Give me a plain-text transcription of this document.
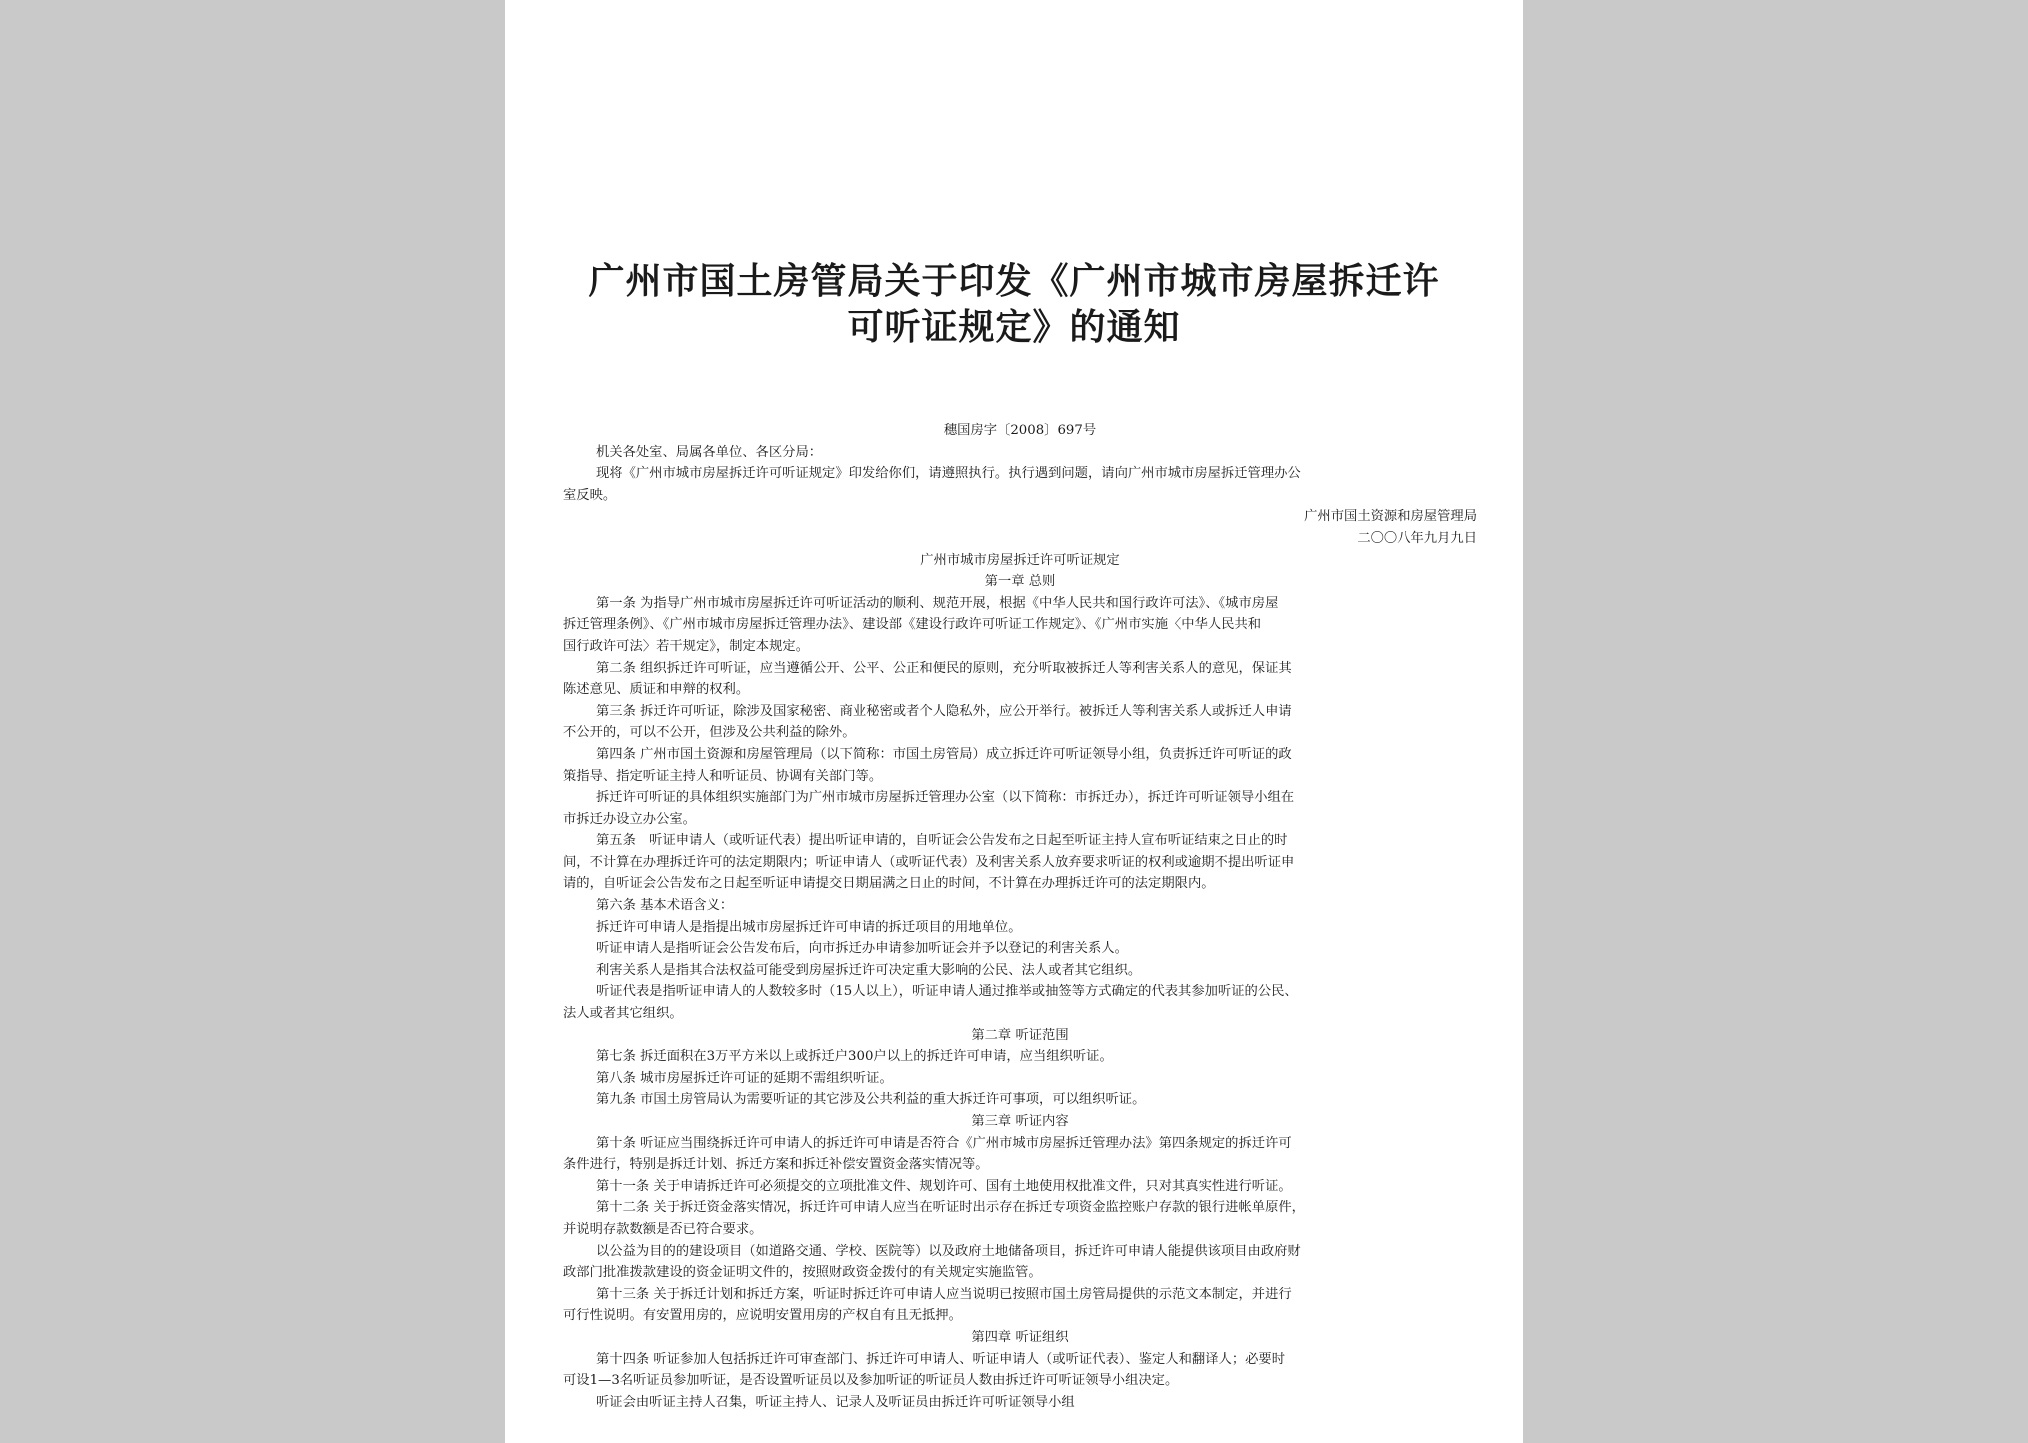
广州市国土房管局关于印发《广州市城市房屋拆迁许
可听证规定》的通知

穗国房字〔2008〕697号

机关各处室、局属各单位、各区分局：

现将《广州市城市房屋拆迁许可听证规定》印发给你们，请遵照执行。执行遇到问题，请向广州市城市房屋拆迁管理办公

室反映。

广州市国土资源和房屋管理局

二〇〇八年九月九日

广州市城市房屋拆迁许可听证规定

第一章 总则

第一条 为指导广州市城市房屋拆迁许可听证活动的顺利、规范开展，根据《中华人民共和国行政许可法》、《城市房屋

拆迁管理条例》、《广州市城市房屋拆迁管理办法》、建设部《建设行政许可听证工作规定》、《广州市实施〈中华人民共和

国行政许可法〉若干规定》，制定本规定。

第二条 组织拆迁许可听证，应当遵循公开、公平、公正和便民的原则，充分听取被拆迁人等利害关系人的意见，保证其

陈述意见、质证和申辩的权利。

第三条 拆迁许可听证，除涉及国家秘密、商业秘密或者个人隐私外，应公开举行。被拆迁人等利害关系人或拆迁人申请

不公开的，可以不公开，但涉及公共利益的除外。

第四条 广州市国土资源和房屋管理局（以下简称：市国土房管局）成立拆迁许可听证领导小组，负责拆迁许可听证的政

策指导、指定听证主持人和听证员、协调有关部门等。

拆迁许可听证的具体组织实施部门为广州市城市房屋拆迁管理办公室（以下简称：市拆迁办），拆迁许可听证领导小组在

市拆迁办设立办公室。

第五条　听证申请人（或听证代表）提出听证申请的，自听证会公告发布之日起至听证主持人宣布听证结束之日止的时

间，不计算在办理拆迁许可的法定期限内；听证申请人（或听证代表）及利害关系人放弃要求听证的权利或逾期不提出听证申

请的，自听证会公告发布之日起至听证申请提交日期届满之日止的时间，不计算在办理拆迁许可的法定期限内。

第六条 基本术语含义：

拆迁许可申请人是指提出城市房屋拆迁许可申请的拆迁项目的用地单位。

听证申请人是指听证会公告发布后，向市拆迁办申请参加听证会并予以登记的利害关系人。

利害关系人是指其合法权益可能受到房屋拆迁许可决定重大影响的公民、法人或者其它组织。

听证代表是指听证申请人的人数较多时（15人以上），听证申请人通过推举或抽签等方式确定的代表其参加听证的公民、

法人或者其它组织。

第二章 听证范围

第七条 拆迁面积在3万平方米以上或拆迁户300户以上的拆迁许可申请，应当组织听证。

第八条 城市房屋拆迁许可证的延期不需组织听证。

第九条 市国土房管局认为需要听证的其它涉及公共利益的重大拆迁许可事项，可以组织听证。

第三章 听证内容

第十条 听证应当围绕拆迁许可申请人的拆迁许可申请是否符合《广州市城市房屋拆迁管理办法》第四条规定的拆迁许可

条件进行，特别是拆迁计划、拆迁方案和拆迁补偿安置资金落实情况等。

第十一条 关于申请拆迁许可必须提交的立项批准文件、规划许可、国有土地使用权批准文件，只对其真实性进行听证。

第十二条 关于拆迁资金落实情况，拆迁许可申请人应当在听证时出示存在拆迁专项资金监控账户存款的银行进帐单原件，

并说明存款数额是否已符合要求。

以公益为目的的建设项目（如道路交通、学校、医院等）以及政府土地储备项目，拆迁许可申请人能提供该项目由政府财

政部门批准拨款建设的资金证明文件的，按照财政资金拨付的有关规定实施监管。

第十三条 关于拆迁计划和拆迁方案，听证时拆迁许可申请人应当说明已按照市国土房管局提供的示范文本制定，并进行

可行性说明。有安置用房的，应说明安置用房的产权自有且无抵押。

第四章 听证组织

第十四条 听证参加人包括拆迁许可审查部门、拆迁许可申请人、听证申请人（或听证代表）、鉴定人和翻译人；必要时

可设1—3名听证员参加听证，是否设置听证员以及参加听证的听证员人数由拆迁许可听证领导小组决定。

听证会由听证主持人召集，听证主持人、记录人及听证员由拆迁许可听证领导小组
